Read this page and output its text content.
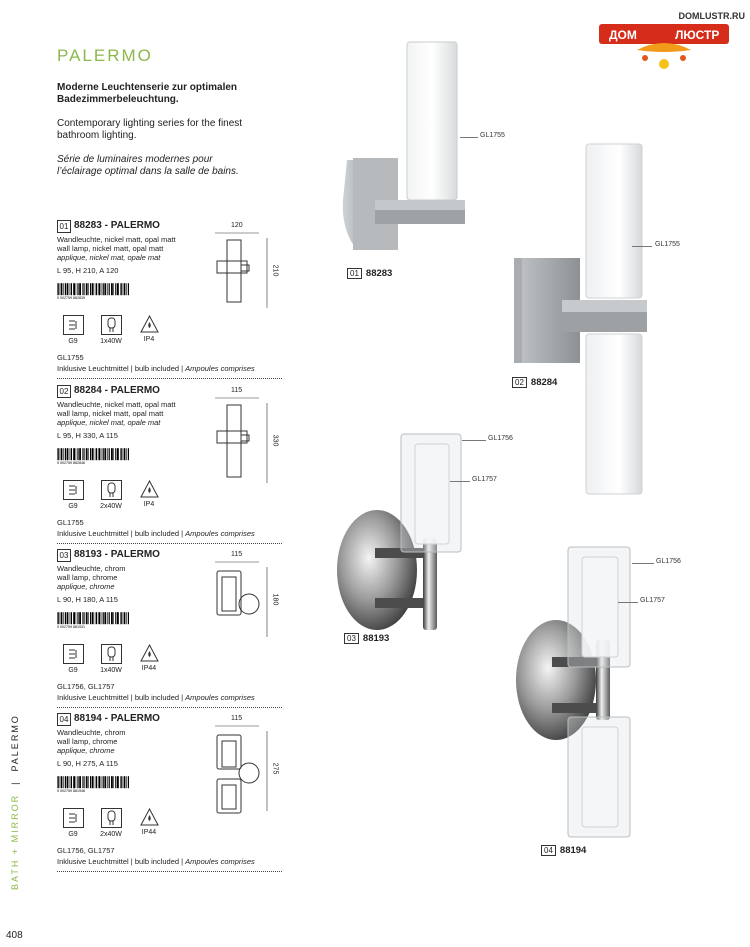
DOMLUSTR.RU
ДОМ	ЛЮСТР
PALERMO
Moderne Leuchtenserie zur optimalen Badezimmerbeleuchtung.
Contemporary lighting series for the finest bathroom lighting.
Série de luminaires modernes pour l’éclairage optimal dans la salle de bains.
01 88283 - PALERMO
Wandleuchte, nickel matt, opal matt
wall lamp, nickel matt, opal matt
applique, nickel mat, opale mat
L 95, H 210, A 120
9 002759 882839
G9	1x40W	IP4
GL1755
Inklusive Leuchtmittel | bulb included | Ampoules comprises
120
210
02 88284 - PALERMO
Wandleuchte, nickel matt, opal matt
wall lamp, nickel matt, opal matt
applique, nickel mat, opale mat
L 95, H 330, A 115
9 002759 882846
G9	2x40W	IP4
GL1755
Inklusive Leuchtmittel | bulb included | Ampoules comprises
115
330
03 88193 - PALERMO
Wandleuchte, chrom
wall lamp, chrome
applique, chrome
L 90, H 180, A 115
9 002759 881931
G9	1x40W	IP44
GL1756, GL1757
Inklusive Leuchtmittel | bulb included | Ampoules comprises
115
180
04 88194 - PALERMO
Wandleuchte, chrom
wall lamp, chrome
applique, chrome
L 90, H 275, A 115
9 002759 881948
G9	2x40W	IP44
GL1756, GL1757
Inklusive Leuchtmittel | bulb included | Ampoules comprises
115
275
BATH + MIRROR  |  PALERMO
408
GL1755
01 88283
GL1755
02 88284
GL1756
GL1757
03 88193
GL1756
GL1757
04 88194
